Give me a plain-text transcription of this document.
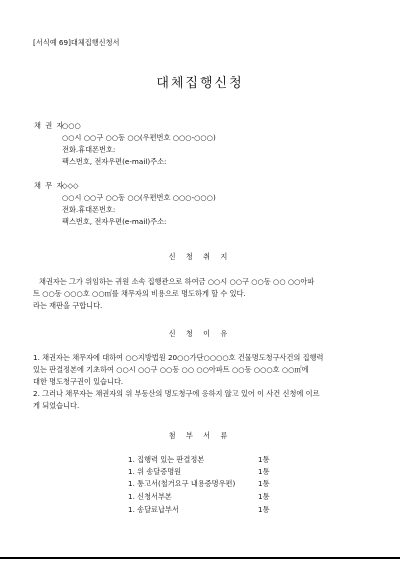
[서식예 69]대체집행신청서
대체집행신청
채 권 자
○○○
○○시 ○○구 ○○동 ○○(우편번호 ○○○-○○○)
전화.휴대폰번호:
팩스번호, 전자우편(e-mail)주소:
채 무 자
◇◇◇
○○시 ○○구 ○○동 ○○(우편번호 ○○○-○○○)
전화.휴대폰번호:
팩스번호, 전자우편(e-mail)주소:
신 청 취 지

채권자는 그가 위임하는 귀원 소속 집행관으로 하여금 ○○시 ○○구 ○○동 ○○ ○○아파

트 ○○동 ○○○호 ○○㎡를 채무자의 비용으로 명도하게 할 수 있다.

라는 재판을 구합니다.

신 청 이 유

1. 채권자는 채무자에 대하여 ○○지방법원 20○○가단○○○○호 건물명도청구사건의 집행력

있는 판결정본에 기초하여 ○○시 ○○구 ○○동 ○○ ○○아파트 ○○동 ○○○호 ○○㎡에

대한 명도청구권이 있습니다.

2. 그러나 채무자는 채권자의 위 부동산의 명도청구에 응하지 않고 있어 이 사건 신청에 이르

게 되었습니다.

첨 부 서 류
1. 집행력 있는 판결정본	1통
1. 위 송달증명원	1통
1. 통고서(철거요구 내용증명우편)	1통
1. 신청서부본	1통
1. 송달료납부서	1통
